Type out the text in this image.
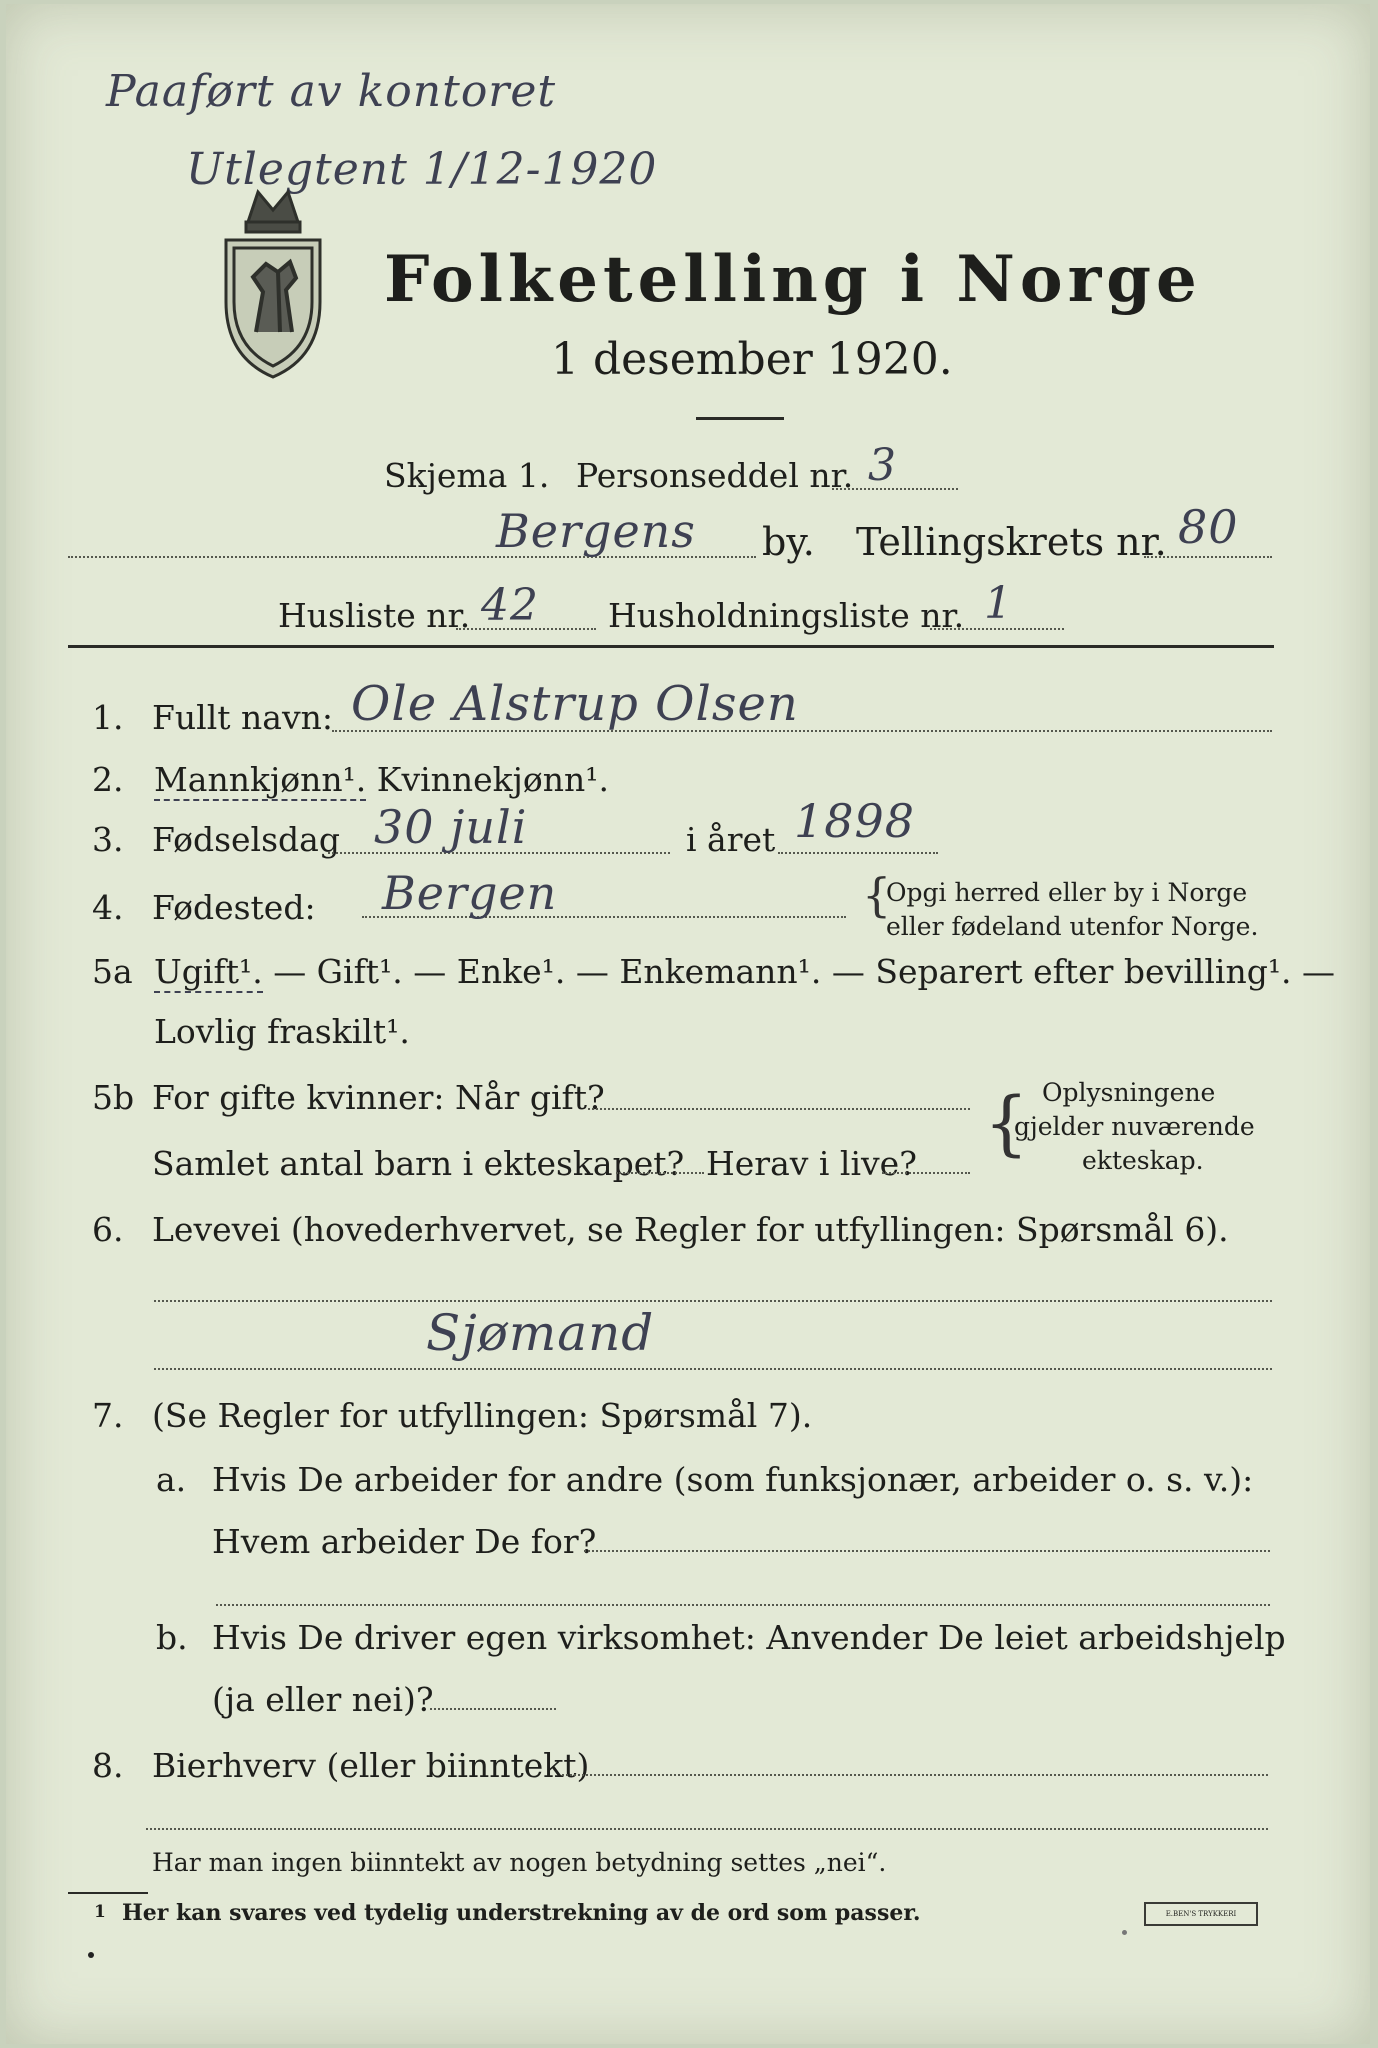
Paaført av kontoret
Utlegtent 1/12-1920
Folketelling i Norge
1 desember 1920.
Skjema 1. Personseddel nr. 3
Bergens by. Tellingskrets nr. 80
Husliste nr. 42 Husholdningsliste nr. 1
1. Fullt navn: Ole Alstrup Olsen
2. Mannkjønn¹. Kvinnekjønn¹.
3. Fødselsdag 30 juli	i året 1898
4. Fødested: Bergen	{
Opgi herred eller by i Norge
eller fødeland utenfor Norge.
5a Ugift¹. — Gift¹. — Enke¹. — Enkemann¹. — Separert efter bevilling¹. —
Lovlig fraskilt¹.
5b For gifte kvinner: Når gift?
Samlet antal barn i ekteskapet? Herav i live? { Oplysningene
gjelder nuværende
ekteskap.
6. Levevei (hovederhvervet, se Regler for utfyllingen: Spørsmål 6).
Sjømand
7. (Se Regler for utfyllingen: Spørsmål 7).
a. Hvis De arbeider for andre (som funksjonær, arbeider o. s. v.):
Hvem arbeider De for?
b. Hvis De driver egen virksomhet: Anvender De leiet arbeidshjelp
(ja eller nei)?
8. Bierhverv (eller biinntekt)
Har man ingen biinntekt av nogen betydning settes „nei“.
1 Her kan svares ved tydelig understrekning av de ord som passer.	E.BEN'S TRYKKERI
